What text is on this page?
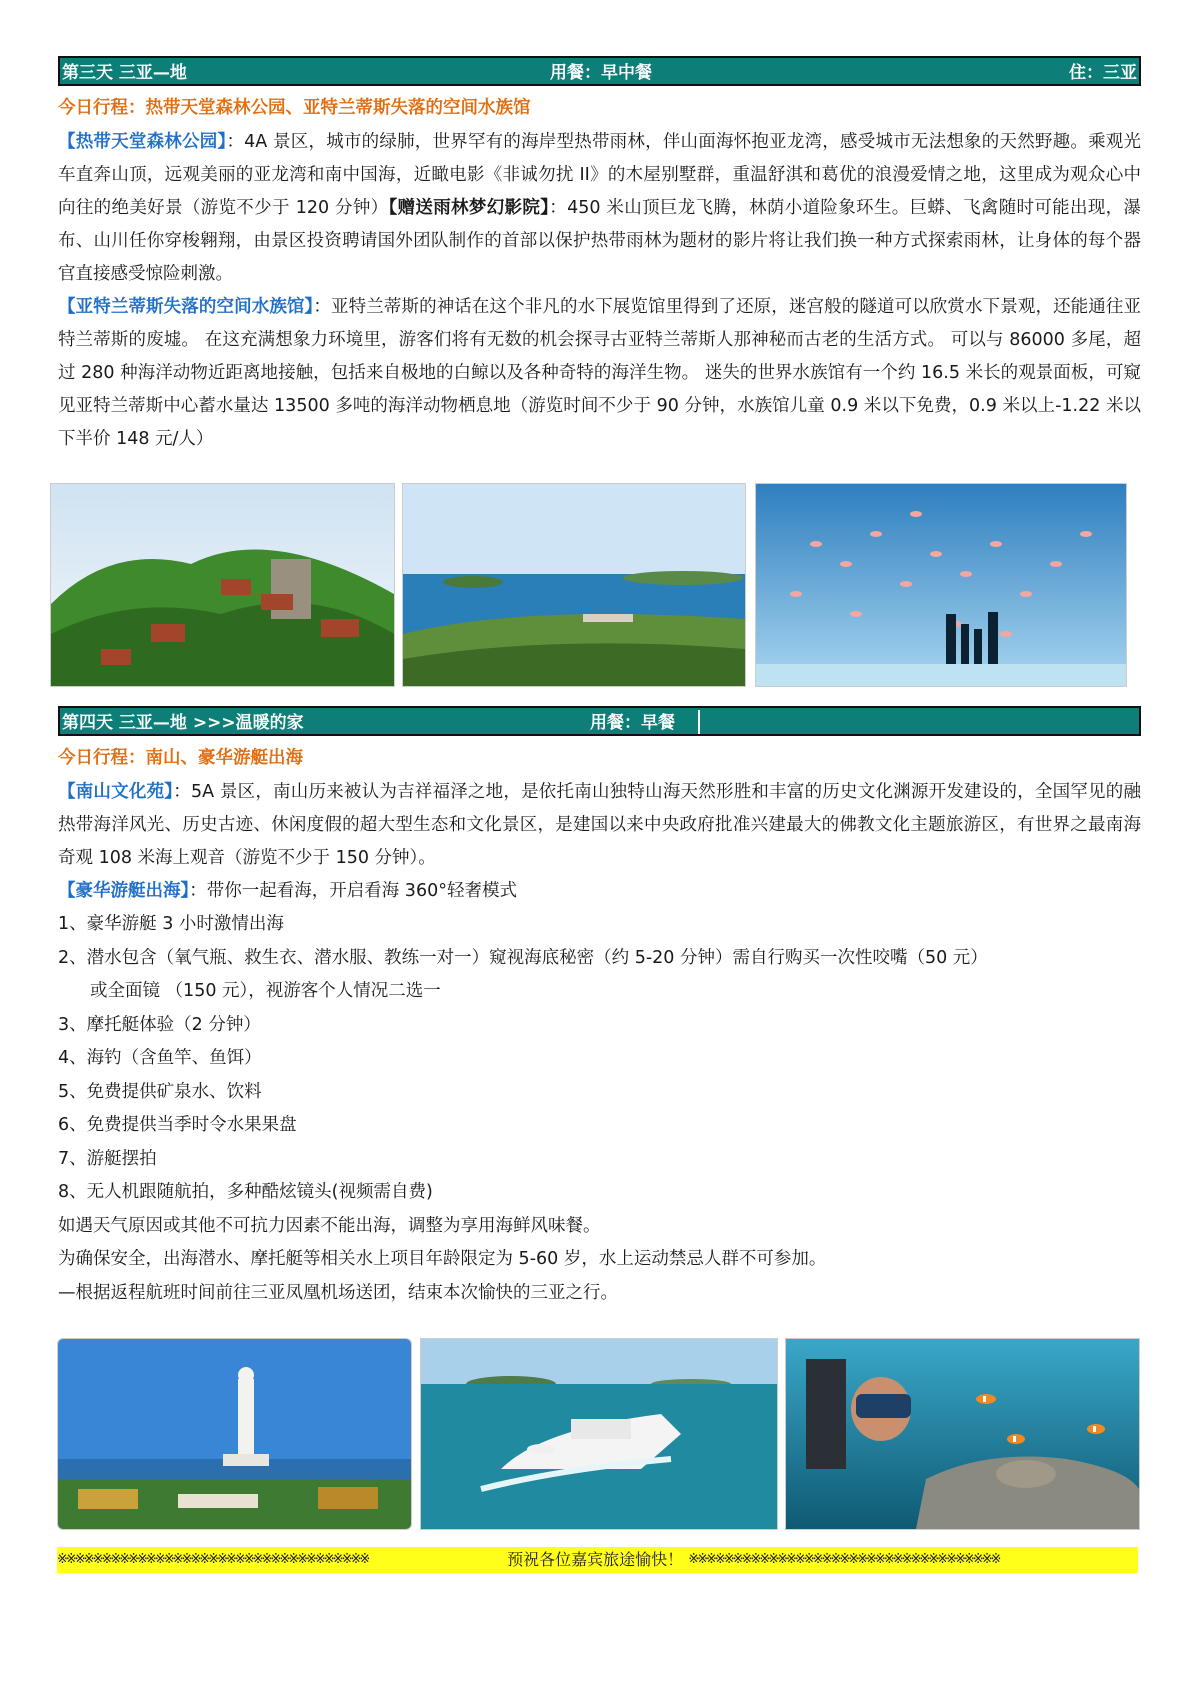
第三天 三亚—地	用餐：早中餐	住：三亚

今日行程：热带天堂森林公园、亚特兰蒂斯失落的空间水族馆

【热带天堂森林公园】：4A 景区，城市的绿肺，世界罕有的海岸型热带雨林，伴山面海怀抱亚龙湾，感受城市无法想象的天然野趣。乘观光车直奔山顶，远观美丽的亚龙湾和南中国海，近瞰电影《非诚勿扰 II》的木屋别墅群，重温舒淇和葛优的浪漫爱情之地，这里成为观众心中向往的绝美好景（游览不少于 120 分钟）【赠送雨林梦幻影院】：450 米山顶巨龙飞腾，林荫小道险象环生。巨蟒、飞禽随时可能出现，瀑布、山川任你穿梭翱翔，由景区投资聘请国外团队制作的首部以保护热带雨林为题材的影片将让我们换一种方式探索雨林，让身体的每个器官直接感受惊险刺激。

【亚特兰蒂斯失落的空间水族馆】：亚特兰蒂斯的神话在这个非凡的水下展览馆里得到了还原，迷宫般的隧道可以欣赏水下景观，还能通往亚特兰蒂斯的废墟。 在这充满想象力环境里，游客们将有无数的机会探寻古亚特兰蒂斯人那神秘而古老的生活方式。 可以与 86000 多尾，超过 280 种海洋动物近距离地接触，包括来自极地的白鲸以及各种奇特的海洋生物。 迷失的世界水族馆有一个约 16.5 米长的观景面板，可窥见亚特兰蒂斯中心蓄水量达 13500 多吨的海洋动物栖息地（游览时间不少于 90 分钟，水族馆儿童 0.9 米以下免费，0.9 米以上-1.22 米以下半价 148 元/人）

第四天 三亚—地 >>>温暖的家	用餐：早餐

今日行程：南山、豪华游艇出海

【南山文化苑】：5A 景区，南山历来被认为吉祥福泽之地，是依托南山独特山海天然形胜和丰富的历史文化渊源开发建设的，全国罕见的融热带海洋风光、历史古迹、休闲度假的超大型生态和文化景区，是建国以来中央政府批准兴建最大的佛教文化主题旅游区，有世界之最南海奇观 108 米海上观音（游览不少于 150 分钟）。

【豪华游艇出海】：带你一起看海，开启看海 360°轻奢模式

1、豪华游艇 3 小时激情出海

2、潜水包含（氧气瓶、救生衣、潜水服、教练一对一）窥视海底秘密（约 5-20 分钟）需自行购买一次性咬嘴（50 元）

或全面镜 （150 元），视游客个人情况二选一

3、摩托艇体验（2 分钟）

4、海钓（含鱼竿、鱼饵）

5、免费提供矿泉水、饮料

6、免费提供当季时令水果果盘

7、游艇摆拍

8、无人机跟随航拍，多种酷炫镜头(视频需自费)

如遇天气原因或其他不可抗力因素不能出海，调整为享用海鲜风味餐。

为确保安全，出海潜水、摩托艇等相关水上项目年龄限定为 5-60 岁，水上运动禁忌人群不可参加。

—根据返程航班时间前往三亚凤凰机场送团，结束本次愉快的三亚之行。

※※※※※※※※※※※※※※※※※※※※※※※※※※※※※※※※※※※	预祝各位嘉宾旅途愉快！ ※※※※※※※※※※※※※※※※※※※※※※※※※※※※※※※※※※※
